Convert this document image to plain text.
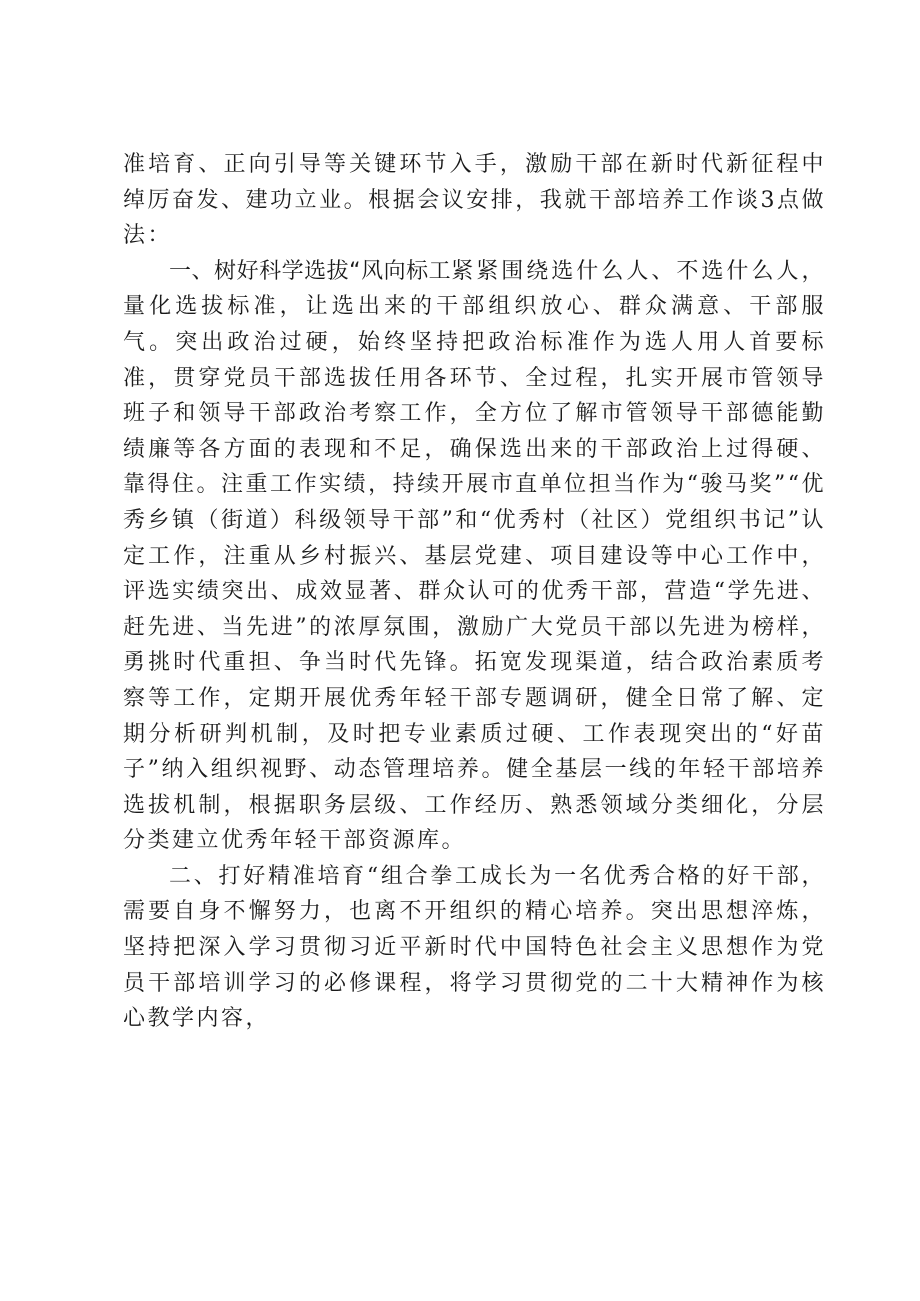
准培育、正向引导等关键环节入手，激励干部在新时代新征程中绰厉奋发、建功立业。根据会议安排，我就干部培养工作谈3点做法：

一、树好科学选拔“风向标工紧紧围绕选什么人、不选什么人，量化选拔标准，让选出来的干部组织放心、群众满意、干部服气。突出政治过硬，始终坚持把政治标准作为选人用人首要标准，贯穿党员干部选拔任用各环节、全过程，扎实开展市管领导班子和领导干部政治考察工作，全方位了解市管领导干部德能勤绩廉等各方面的表现和不足，确保选出来的干部政治上过得硬、靠得住。注重工作实绩，持续开展市直单位担当作为“骏马奖”“优秀乡镇（街道）科级领导干部”和“优秀村（社区）党组织书记”认定工作，注重从乡村振兴、基层党建、项目建设等中心工作中，评选实绩突出、成效显著、群众认可的优秀干部，营造“学先进、赶先进、当先进”的浓厚氛围，激励广大党员干部以先进为榜样，勇挑时代重担、争当时代先锋。拓宽发现渠道，结合政治素质考察等工作，定期开展优秀年轻干部专题调研，健全日常了解、定期分析研判机制，及时把专业素质过硬、工作表现突出的“好苗子”纳入组织视野、动态管理培养。健全基层一线的年轻干部培养选拔机制，根据职务层级、工作经历、熟悉领域分类细化，分层分类建立优秀年轻干部资源库。

二、打好精准培育“组合拳工成长为一名优秀合格的好干部，需要自身不懈努力，也离不开组织的精心培养。突出思想淬炼，坚持把深入学习贯彻习近平新时代中国特色社会主义思想作为党员干部培训学习的必修课程，将学习贯彻党的二十大精神作为核心教学内容，
